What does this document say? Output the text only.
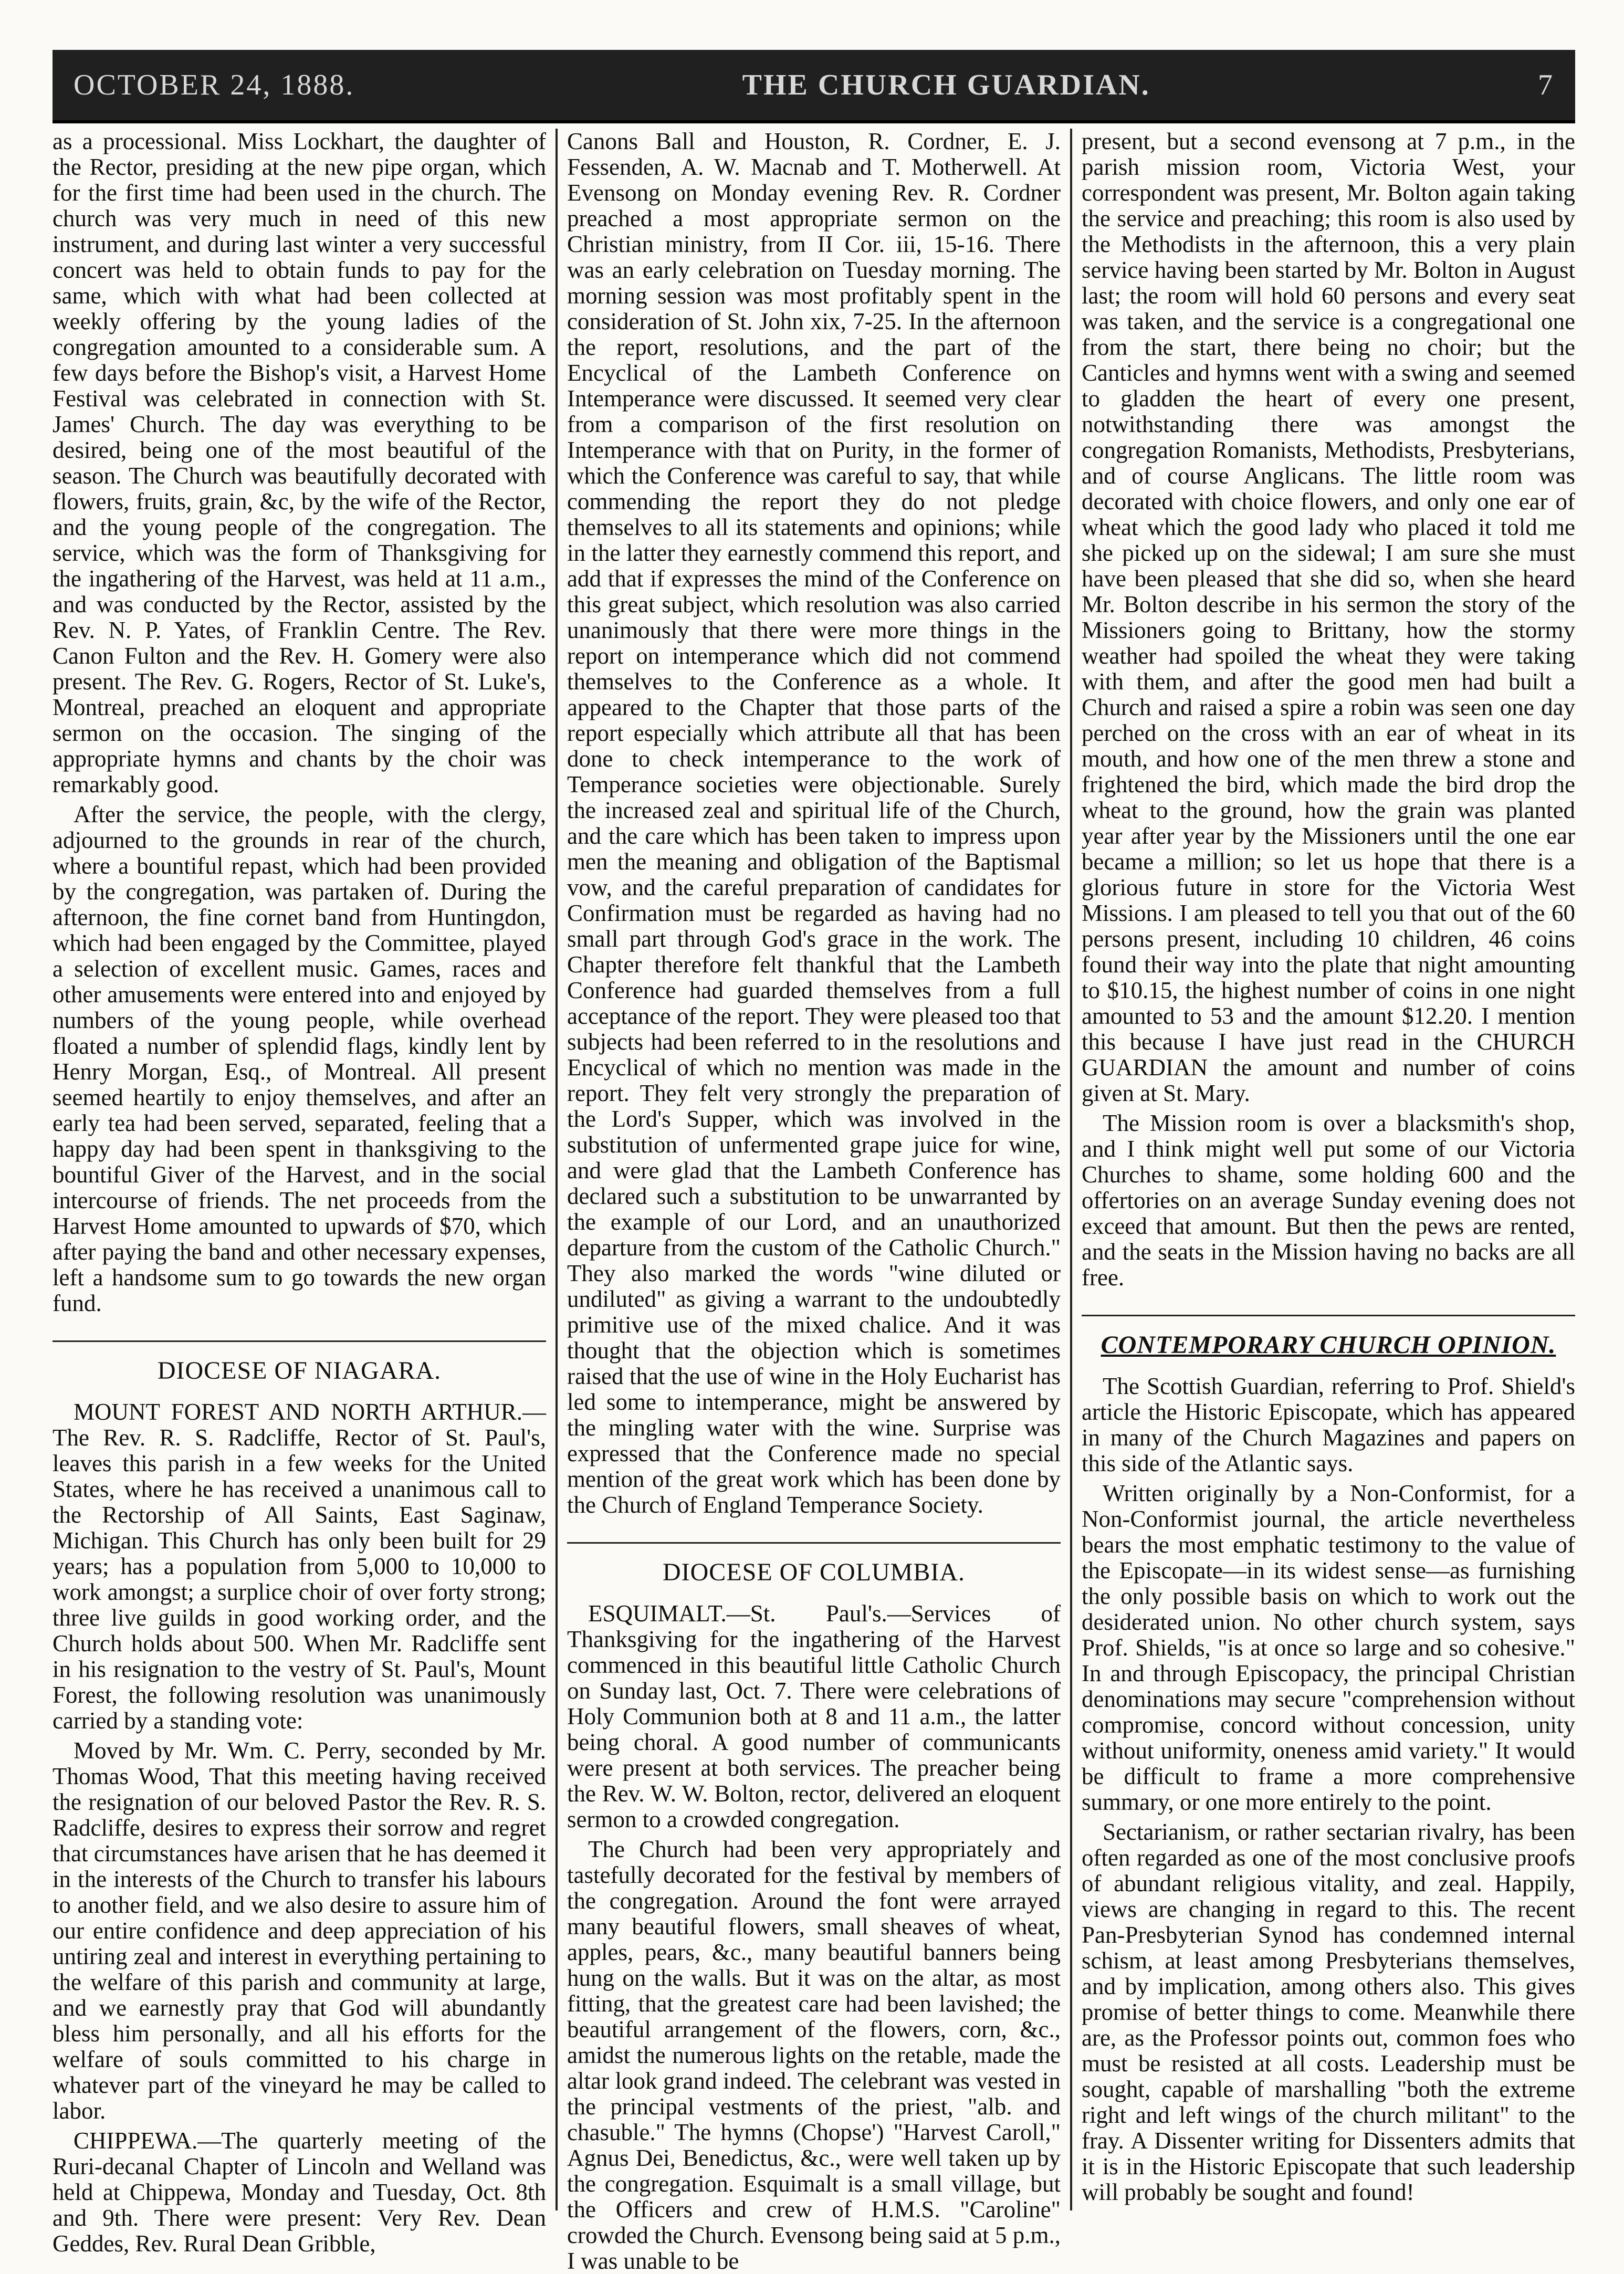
OCTOBER 24, 1888.	THE CHURCH GUARDIAN.	7

as a processional. Miss Lockhart, the daughter of the Rector, presiding at the new pipe organ, which for the first time had been used in the church. The church was very much in need of this new instrument, and during last winter a very successful concert was held to obtain funds to pay for the same, which with what had been collected at weekly offering by the young ladies of the congregation amounted to a considerable sum. A few days before the Bishop's visit, a Harvest Home Festival was celebrated in connection with St. James' Church. The day was everything to be desired, being one of the most beautiful of the season. The Church was beautifully decorated with flowers, fruits, grain, &c, by the wife of the Rector, and the young people of the congregation. The service, which was the form of Thanksgiving for the ingathering of the Harvest, was held at 11 a.m., and was conducted by the Rector, assisted by the Rev. N. P. Yates, of Franklin Centre. The Rev. Canon Fulton and the Rev. H. Gomery were also present. The Rev. G. Rogers, Rector of St. Luke's, Montreal, preached an eloquent and appropriate sermon on the occasion. The singing of the appropriate hymns and chants by the choir was remarkably good.

After the service, the people, with the clergy, adjourned to the grounds in rear of the church, where a bountiful repast, which had been provided by the congregation, was partaken of. During the afternoon, the fine cornet band from Huntingdon, which had been engaged by the Committee, played a selection of excellent music. Games, races and other amusements were entered into and enjoyed by numbers of the young people, while overhead floated a number of splendid flags, kindly lent by Henry Morgan, Esq., of Montreal. All present seemed heartily to enjoy themselves, and after an early tea had been served, separated, feeling that a happy day had been spent in thanksgiving to the bountiful Giver of the Harvest, and in the social intercourse of friends. The net proceeds from the Harvest Home amounted to upwards of $70, which after paying the band and other necessary expenses, left a handsome sum to go towards the new organ fund.

DIOCESE OF NIAGARA.

MOUNT FOREST AND NORTH ARTHUR.—The Rev. R. S. Radcliffe, Rector of St. Paul's, leaves this parish in a few weeks for the United States, where he has received a unanimous call to the Rectorship of All Saints, East Saginaw, Michigan. This Church has only been built for 29 years; has a population from 5,000 to 10,000 to work amongst; a surplice choir of over forty strong; three live guilds in good working order, and the Church holds about 500. When Mr. Radcliffe sent in his resignation to the vestry of St. Paul's, Mount Forest, the following resolution was unanimously carried by a standing vote:

Moved by Mr. Wm. C. Perry, seconded by Mr. Thomas Wood, That this meeting having received the resignation of our beloved Pastor the Rev. R. S. Radcliffe, desires to express their sorrow and regret that circumstances have arisen that he has deemed it in the interests of the Church to transfer his labours to another field, and we also desire to assure him of our entire confidence and deep appreciation of his untiring zeal and interest in everything pertaining to the welfare of this parish and community at large, and we earnestly pray that God will abundantly bless him personally, and all his efforts for the welfare of souls committed to his charge in whatever part of the vineyard he may be called to labor.

CHIPPEWA.—The quarterly meeting of the Ruri-decanal Chapter of Lincoln and Welland was held at Chippewa, Monday and Tuesday, Oct. 8th and 9th. There were present: Very Rev. Dean Geddes, Rev. Rural Dean Gribble,

Canons Ball and Houston, R. Cordner, E. J. Fessenden, A. W. Macnab and T. Motherwell. At Evensong on Monday evening Rev. R. Cordner preached a most appropriate sermon on the Christian ministry, from II Cor. iii, 15-16. There was an early celebration on Tuesday morning. The morning session was most profitably spent in the consideration of St. John xix, 7-25. In the afternoon the report, resolutions, and the part of the Encyclical of the Lambeth Conference on Intemperance were discussed. It seemed very clear from a comparison of the first resolution on Intemperance with that on Purity, in the former of which the Conference was careful to say, that while commending the report they do not pledge themselves to all its statements and opinions; while in the latter they earnestly commend this report, and add that if expresses the mind of the Conference on this great subject, which resolution was also carried unanimously that there were more things in the report on intemperance which did not commend themselves to the Conference as a whole. It appeared to the Chapter that those parts of the report especially which attribute all that has been done to check intemperance to the work of Temperance societies were objectionable. Surely the increased zeal and spiritual life of the Church, and the care which has been taken to impress upon men the meaning and obligation of the Baptismal vow, and the careful preparation of candidates for Confirmation must be regarded as having had no small part through God's grace in the work. The Chapter therefore felt thankful that the Lambeth Conference had guarded themselves from a full acceptance of the report. They were pleased too that subjects had been referred to in the resolutions and Encyclical of which no mention was made in the report. They felt very strongly the preparation of the Lord's Supper, which was involved in the substitution of unfermented grape juice for wine, and were glad that the Lambeth Conference has declared such a substitution to be unwarranted by the example of our Lord, and an unauthorized departure from the custom of the Catholic Church." They also marked the words "wine diluted or undiluted" as giving a warrant to the undoubtedly primitive use of the mixed chalice. And it was thought that the objection which is sometimes raised that the use of wine in the Holy Eucharist has led some to intemperance, might be answered by the mingling water with the wine. Surprise was expressed that the Conference made no special mention of the great work which has been done by the Church of England Temperance Society.

DIOCESE OF COLUMBIA.

ESQUIMALT.—St. Paul's.—Services of Thanksgiving for the ingathering of the Harvest commenced in this beautiful little Catholic Church on Sunday last, Oct. 7. There were celebrations of Holy Communion both at 8 and 11 a.m., the latter being choral. A good number of communicants were present at both services. The preacher being the Rev. W. W. Bolton, rector, delivered an eloquent sermon to a crowded congregation.

The Church had been very appropriately and tastefully decorated for the festival by members of the congregation. Around the font were arrayed many beautiful flowers, small sheaves of wheat, apples, pears, &c., many beautiful banners being hung on the walls. But it was on the altar, as most fitting, that the greatest care had been lavished; the beautiful arrangement of the flowers, corn, &c., amidst the numerous lights on the retable, made the altar look grand indeed. The celebrant was vested in the principal vestments of the priest, "alb. and chasuble." The hymns (Chopse') "Harvest Caroll," Agnus Dei, Benedictus, &c., were well taken up by the congregation. Esquimalt is a small village, but the Officers and crew of H.M.S. "Caroline" crowded the Church. Evensong being said at 5 p.m., I was unable to be

present, but a second evensong at 7 p.m., in the parish mission room, Victoria West, your correspondent was present, Mr. Bolton again taking the service and preaching; this room is also used by the Methodists in the afternoon, this a very plain service having been started by Mr. Bolton in August last; the room will hold 60 persons and every seat was taken, and the service is a congregational one from the start, there being no choir; but the Canticles and hymns went with a swing and seemed to gladden the heart of every one present, notwithstanding there was amongst the congregation Romanists, Methodists, Presbyterians, and of course Anglicans. The little room was decorated with choice flowers, and only one ear of wheat which the good lady who placed it told me she picked up on the sidewal; I am sure she must have been pleased that she did so, when she heard Mr. Bolton describe in his sermon the story of the Missioners going to Brittany, how the stormy weather had spoiled the wheat they were taking with them, and after the good men had built a Church and raised a spire a robin was seen one day perched on the cross with an ear of wheat in its mouth, and how one of the men threw a stone and frightened the bird, which made the bird drop the wheat to the ground, how the grain was planted year after year by the Missioners until the one ear became a million; so let us hope that there is a glorious future in store for the Victoria West Missions. I am pleased to tell you that out of the 60 persons present, including 10 children, 46 coins found their way into the plate that night amounting to $10.15, the highest number of coins in one night amounted to 53 and the amount $12.20. I mention this because I have just read in the CHURCH GUARDIAN the amount and number of coins given at St. Mary.

The Mission room is over a blacksmith's shop, and I think might well put some of our Victoria Churches to shame, some holding 600 and the offertories on an average Sunday evening does not exceed that amount. But then the pews are rented, and the seats in the Mission having no backs are all free.

CONTEMPORARY CHURCH OPINION.

The Scottish Guardian, referring to Prof. Shield's article the Historic Episcopate, which has appeared in many of the Church Magazines and papers on this side of the Atlantic says.

Written originally by a Non-Conformist, for a Non-Conformist journal, the article nevertheless bears the most emphatic testimony to the value of the Episcopate—in its widest sense—as furnishing the only possible basis on which to work out the desiderated union. No other church system, says Prof. Shields, "is at once so large and so cohesive." In and through Episcopacy, the principal Christian denominations may secure "comprehension without compromise, concord without concession, unity without uniformity, oneness amid variety." It would be difficult to frame a more comprehensive summary, or one more entirely to the point.

Sectarianism, or rather sectarian rivalry, has been often regarded as one of the most conclusive proofs of abundant religious vitality, and zeal. Happily, views are changing in regard to this. The recent Pan-Presbyterian Synod has condemned internal schism, at least among Presbyterians themselves, and by implication, among others also. This gives promise of better things to come. Meanwhile there are, as the Professor points out, common foes who must be resisted at all costs. Leadership must be sought, capable of marshalling "both the extreme right and left wings of the church militant" to the fray. A Dissenter writing for Dissenters admits that it is in the Historic Episcopate that such leadership will probably be sought and found!
